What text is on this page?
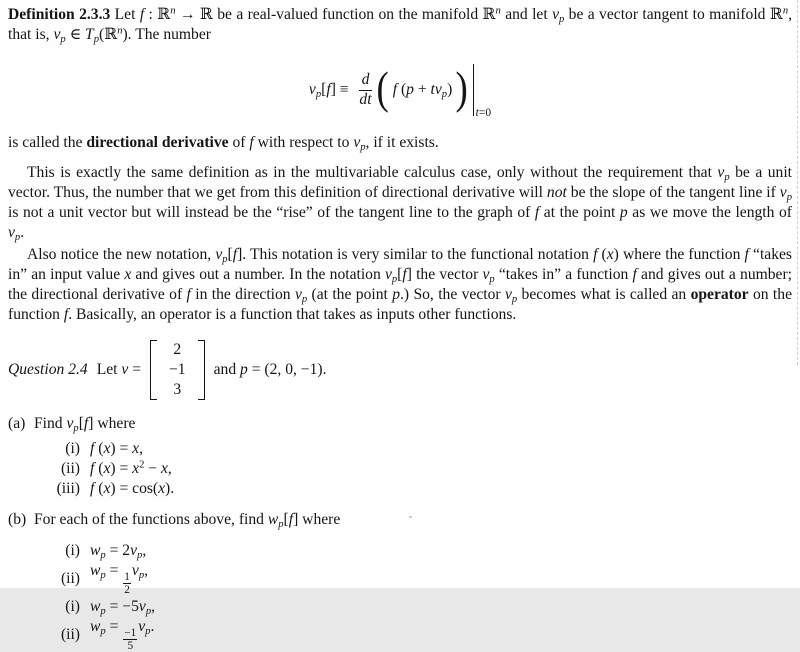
Definition 2.3.3 Let f : ℝ$^n$ → ℝ be a real-valued function on the manifold ℝ$^n$ and let $v_p$ be a vector tangent to manifold ℝ$^n$, that is, $v_p$ ∈ $T_p(ℝ^n)$. The number

$v_p[f] \equiv \frac{d}{dt}$ ( f $(p + tv_p)$ ) t=0

is called the directional derivative of f with respect to $v_p$, if it exists.

This is exactly the same definition as in the multivariable calculus case, only without the requirement that $v_p$ be a unit vector. Thus, the number that we get from this definition of directional derivative will not be the slope of the tangent line if $v_p$ is not a unit vector but will instead be the “rise” of the tangent line to the graph of f at the point p as we move the length of $v_p$.

Also notice the new notation, $v_p[f]$. This notation is very similar to the functional notation f (x) where the function f “takes in” an input value x and gives out a number. In the notation $v_p[f]$ the vector $v_p$ “takes in” a function f and gives out a number; the directional derivative of f in the direction $v_p$ (at the point p.) So, the vector $v_p$ becomes what is called an operator on the function f. Basically, an operator is a function that takes as inputs other functions.

Question 2.4 Let v =
2
−1
3
and p = (2, 0, −1).
(a) Find $v_p[f]$ where
(i) f (x) = x,
(ii) f $(x) = x^2 - x$,
(iii) f (x) = cos(x).
(b) For each of the functions above, find $w_p[f]$ where
(i) $w_p = 2v_p$,
(ii) $w_p$ =
$\frac{1}{2}$
$v_p$,
(i) $w_p = -5v_p$,
(ii) $w_p$ =
$\frac{-1}{5}$
$v_p$.
